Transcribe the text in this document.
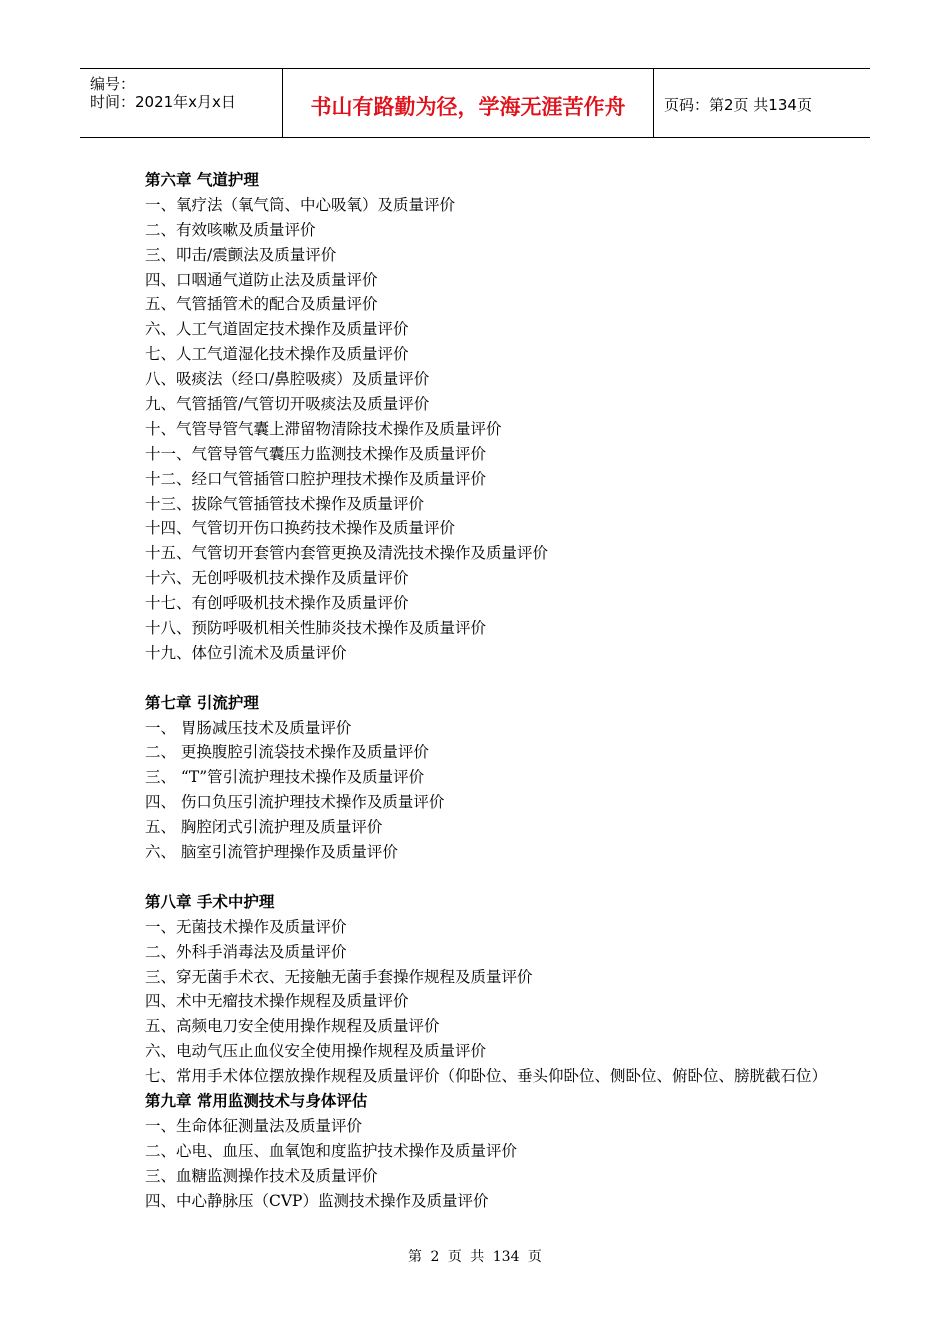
编号：
时间：2021年x月x日	书山有路勤为径，学海无涯苦作舟	页码：第2页 共134页
第六章 气道护理
一、氧疗法（氧气筒、中心吸氧）及质量评价
二、有效咳嗽及质量评价
三、叩击/震颤法及质量评价
四、口咽通气道防止法及质量评价
五、气管插管术的配合及质量评价
六、人工气道固定技术操作及质量评价
七、人工气道湿化技术操作及质量评价
八、吸痰法（经口/鼻腔吸痰）及质量评价
九、气管插管/气管切开吸痰法及质量评价
十、气管导管气囊上滞留物清除技术操作及质量评价
十一、气管导管气囊压力监测技术操作及质量评价
十二、经口气管插管口腔护理技术操作及质量评价
十三、拔除气管插管技术操作及质量评价
十四、气管切开伤口换药技术操作及质量评价
十五、气管切开套管内套管更换及清洗技术操作及质量评价
十六、无创呼吸机技术操作及质量评价
十七、有创呼吸机技术操作及质量评价
十八、预防呼吸机相关性肺炎技术操作及质量评价
十九、体位引流术及质量评价
第七章 引流护理
一、 胃肠减压技术及质量评价
二、 更换腹腔引流袋技术操作及质量评价
三、 “T”管引流护理技术操作及质量评价
四、 伤口负压引流护理技术操作及质量评价
五、 胸腔闭式引流护理及质量评价
六、 脑室引流管护理操作及质量评价
第八章 手术中护理
一、无菌技术操作及质量评价
二、外科手消毒法及质量评价
三、穿无菌手术衣、无接触无菌手套操作规程及质量评价
四、术中无瘤技术操作规程及质量评价
五、高频电刀安全使用操作规程及质量评价
六、电动气压止血仪安全使用操作规程及质量评价
七、常用手术体位摆放操作规程及质量评价（仰卧位、垂头仰卧位、侧卧位、俯卧位、膀胱截石位）
第九章 常用监测技术与身体评估
一、生命体征测量法及质量评价
二、心电、血压、血氧饱和度监护技术操作及质量评价
三、血糖监测操作技术及质量评价
四、中心静脉压（CVP）监测技术操作及质量评价
第 2 页 共 134 页
